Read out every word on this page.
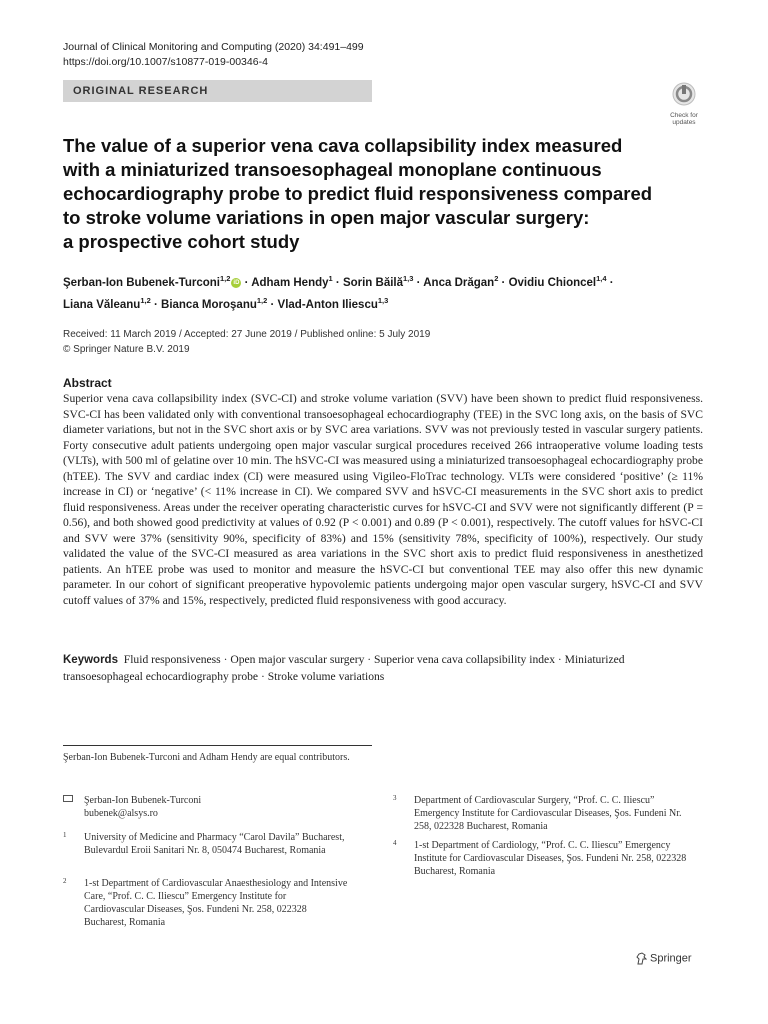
Journal of Clinical Monitoring and Computing (2020) 34:491–499
https://doi.org/10.1007/s10877-019-00346-4
ORIGINAL RESEARCH
Check for updates
The value of a superior vena cava collapsibility index measured
with a miniaturized transoesophageal monoplane continuous
echocardiography probe to predict fluid responsiveness compared
to stroke volume variations in open major vascular surgery:
a prospective cohort study
Şerban-Ion Bubenek-Turconi$^{1,2}$ iD · Adham Hendy$^1$ · Sorin Băilă$^{1,3}$ · Anca Drăgan$^2$ · Ovidiu Chioncel$^{1,4}$ ·
Liana Văleanu$^{1,2}$ · Bianca Moroşanu$^{1,2}$ · Vlad-Anton Iliescu$^{1,3}$
Received: 11 March 2019 / Accepted: 27 June 2019 / Published online: 5 July 2019
© Springer Nature B.V. 2019
Abstract
Superior vena cava collapsibility index (SVC-CI) and stroke volume variation (SVV) have been shown to predict fluid responsiveness. SVC-CI has been validated only with conventional transoesophageal echocardiography (TEE) in the SVC long axis, on the basis of SVC diameter variations, but not in the SVC short axis or by SVC area variations. SVV was not previously tested in vascular surgery patients. Forty consecutive adult patients undergoing open major vascular surgical procedures received 266 intraoperative volume loading tests (VLTs), with 500 ml of gelatine over 10 min. The hSVC-CI was measured using a miniaturized transoesophageal echocardiography probe (hTEE). The SVV and cardiac index (CI) were measured using Vigileo-FloTrac technology. VLTs were considered ‘positive’ (≥ 11% increase in CI) or ‘negative’ (< 11% increase in CI). We compared SVV and hSVC-CI measurements in the SVC short axis to predict fluid responsiveness. Areas under the receiver operating characteristic curves for hSVC-CI and SVV were not significantly different (P = 0.56), and both showed good predictivity at values of 0.92 (P < 0.001) and 0.89 (P < 0.001), respectively. The cutoff values for hSVC-CI and SVV were 37% (sensitivity 90%, specificity of 83%) and 15% (sensitivity 78%, specificity of 100%), respectively. Our study validated the value of the SVC-CI measured as area variations in the SVC short axis to predict fluid responsiveness in anesthetized patients. An hTEE probe was used to monitor and measure the hSVC-CI but conventional TEE may also offer this new dynamic parameter. In our cohort of significant preoperative hypovolemic patients undergoing major open vascular surgery, hSVC-CI and SVV cutoff values of 37% and 15%, respectively, predicted fluid responsiveness with good accuracy.
Keywords Fluid responsiveness · Open major vascular surgery · Superior vena cava collapsibility index · Miniaturized transoesophageal echocardiography probe · Stroke volume variations
Şerban-Ion Bubenek-Turconi and Adham Hendy are equal contributors.
Şerban-Ion Bubenek-Turconi
bubenek@alsys.ro
1 University of Medicine and Pharmacy “Carol Davila” Bucharest, Bulevardul Eroii Sanitari Nr. 8, 050474 Bucharest, Romania
2 1-st Department of Cardiovascular Anaesthesiology and Intensive Care, “Prof. C. C. Iliescu” Emergency Institute for Cardiovascular Diseases, Şos. Fundeni Nr. 258, 022328 Bucharest, Romania
3 Department of Cardiovascular Surgery, “Prof. C. C. Iliescu” Emergency Institute for Cardiovascular Diseases, Şos. Fundeni Nr. 258, 022328 Bucharest, Romania
4 1-st Department of Cardiology, “Prof. C. C. Iliescu” Emergency Institute for Cardiovascular Diseases, Şos. Fundeni Nr. 258, 022328 Bucharest, Romania
Springer
